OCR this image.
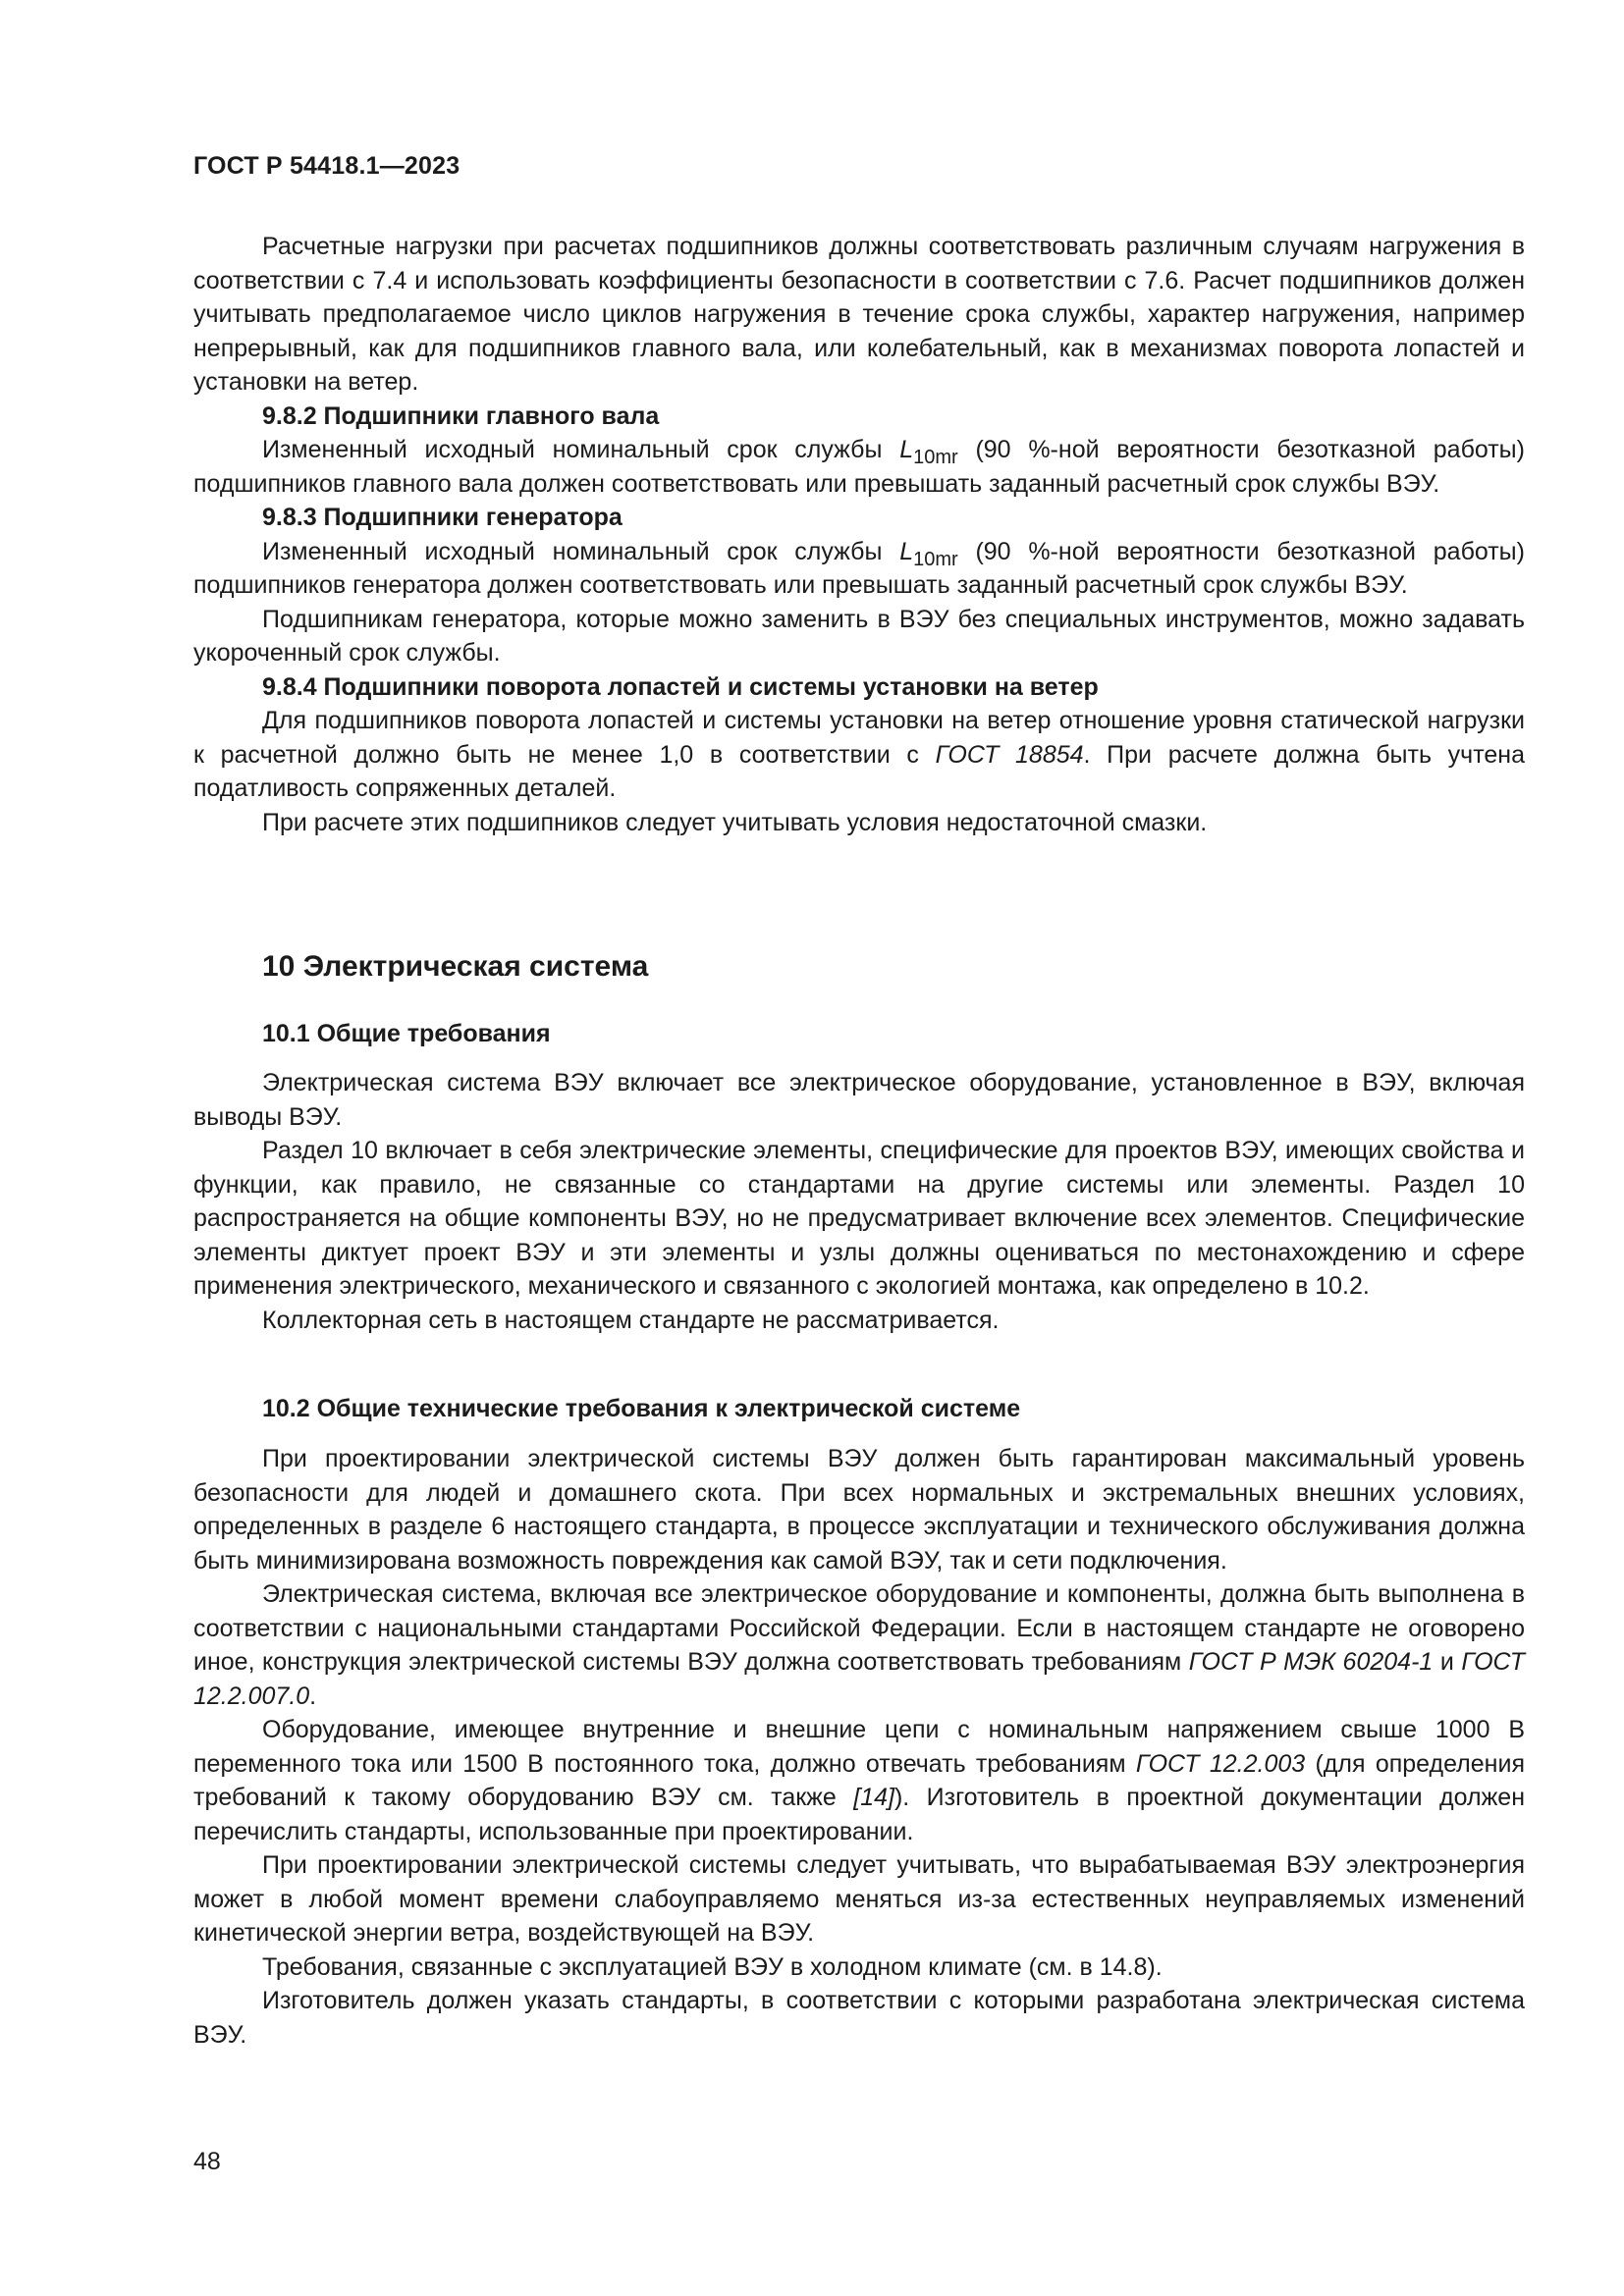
ГОСТ Р 54418.1—2023

Расчетные нагрузки при расчетах подшипников должны соответствовать различным случаям нагружения в соответствии с 7.4 и использовать коэффициенты безопасности в соответствии с 7.6. Расчет подшипников должен учитывать предполагаемое число циклов нагружения в течение срока службы, характер нагружения, например непрерывный, как для подшипников главного вала, или колебательный, как в механизмах поворота лопастей и установки на ветер.

9.8.2 Подшипники главного вала

Измененный исходный номинальный срок службы $L_{10mr}$ (90 %-ной вероятности безотказной работы) подшипников главного вала должен соответствовать или превышать заданный расчетный срок службы ВЭУ.

9.8.3 Подшипники генератора

Измененный исходный номинальный срок службы $L_{10mr}$ (90 %-ной вероятности безотказной работы) подшипников генератора должен соответствовать или превышать заданный расчетный срок службы ВЭУ.

Подшипникам генератора, которые можно заменить в ВЭУ без специальных инструментов, можно задавать укороченный срок службы.

9.8.4 Подшипники поворота лопастей и системы установки на ветер

Для подшипников поворота лопастей и системы установки на ветер отношение уровня статической нагрузки к расчетной должно быть не менее 1,0 в соответствии с ГОСТ 18854. При расчете должна быть учтена податливость сопряженных деталей.

При расчете этих подшипников следует учитывать условия недостаточной смазки.

10 Электрическая система
10.1 Общие требования

Электрическая система ВЭУ включает все электрическое оборудование, установленное в ВЭУ, включая выводы ВЭУ.

Раздел 10 включает в себя электрические элементы, специфические для проектов ВЭУ, имеющих свойства и функции, как правило, не связанные со стандартами на другие системы или элементы. Раздел 10 распространяется на общие компоненты ВЭУ, но не предусматривает включение всех элементов. Специфические элементы диктует проект ВЭУ и эти элементы и узлы должны оцениваться по местонахождению и сфере применения электрического, механического и связанного с экологией монтажа, как определено в 10.2.

Коллекторная сеть в настоящем стандарте не рассматривается.

10.2 Общие технические требования к электрической системе

При проектировании электрической системы ВЭУ должен быть гарантирован максимальный уровень безопасности для людей и домашнего скота. При всех нормальных и экстремальных внешних условиях, определенных в разделе 6 настоящего стандарта, в процессе эксплуатации и технического обслуживания должна быть минимизирована возможность повреждения как самой ВЭУ, так и сети подключения.

Электрическая система, включая все электрическое оборудование и компоненты, должна быть выполнена в соответствии с национальными стандартами Российской Федерации. Если в настоящем стандарте не оговорено иное, конструкция электрической системы ВЭУ должна соответствовать требованиям ГОСТ Р МЭК 60204-1 и ГОСТ 12.2.007.0.

Оборудование, имеющее внутренние и внешние цепи с номинальным напряжением свыше 1000 В переменного тока или 1500 В постоянного тока, должно отвечать требованиям ГОСТ 12.2.003 (для определения требований к такому оборудованию ВЭУ см. также [14]). Изготовитель в проектной документации должен перечислить стандарты, использованные при проектировании.

При проектировании электрической системы следует учитывать, что вырабатываемая ВЭУ электроэнергия может в любой момент времени слабоуправляемо меняться из-за естественных неуправляемых изменений кинетической энергии ветра, воздействующей на ВЭУ.

Требования, связанные с эксплуатацией ВЭУ в холодном климате (см. в 14.8).

Изготовитель должен указать стандарты, в соответствии с которыми разработана электрическая система ВЭУ.

48
